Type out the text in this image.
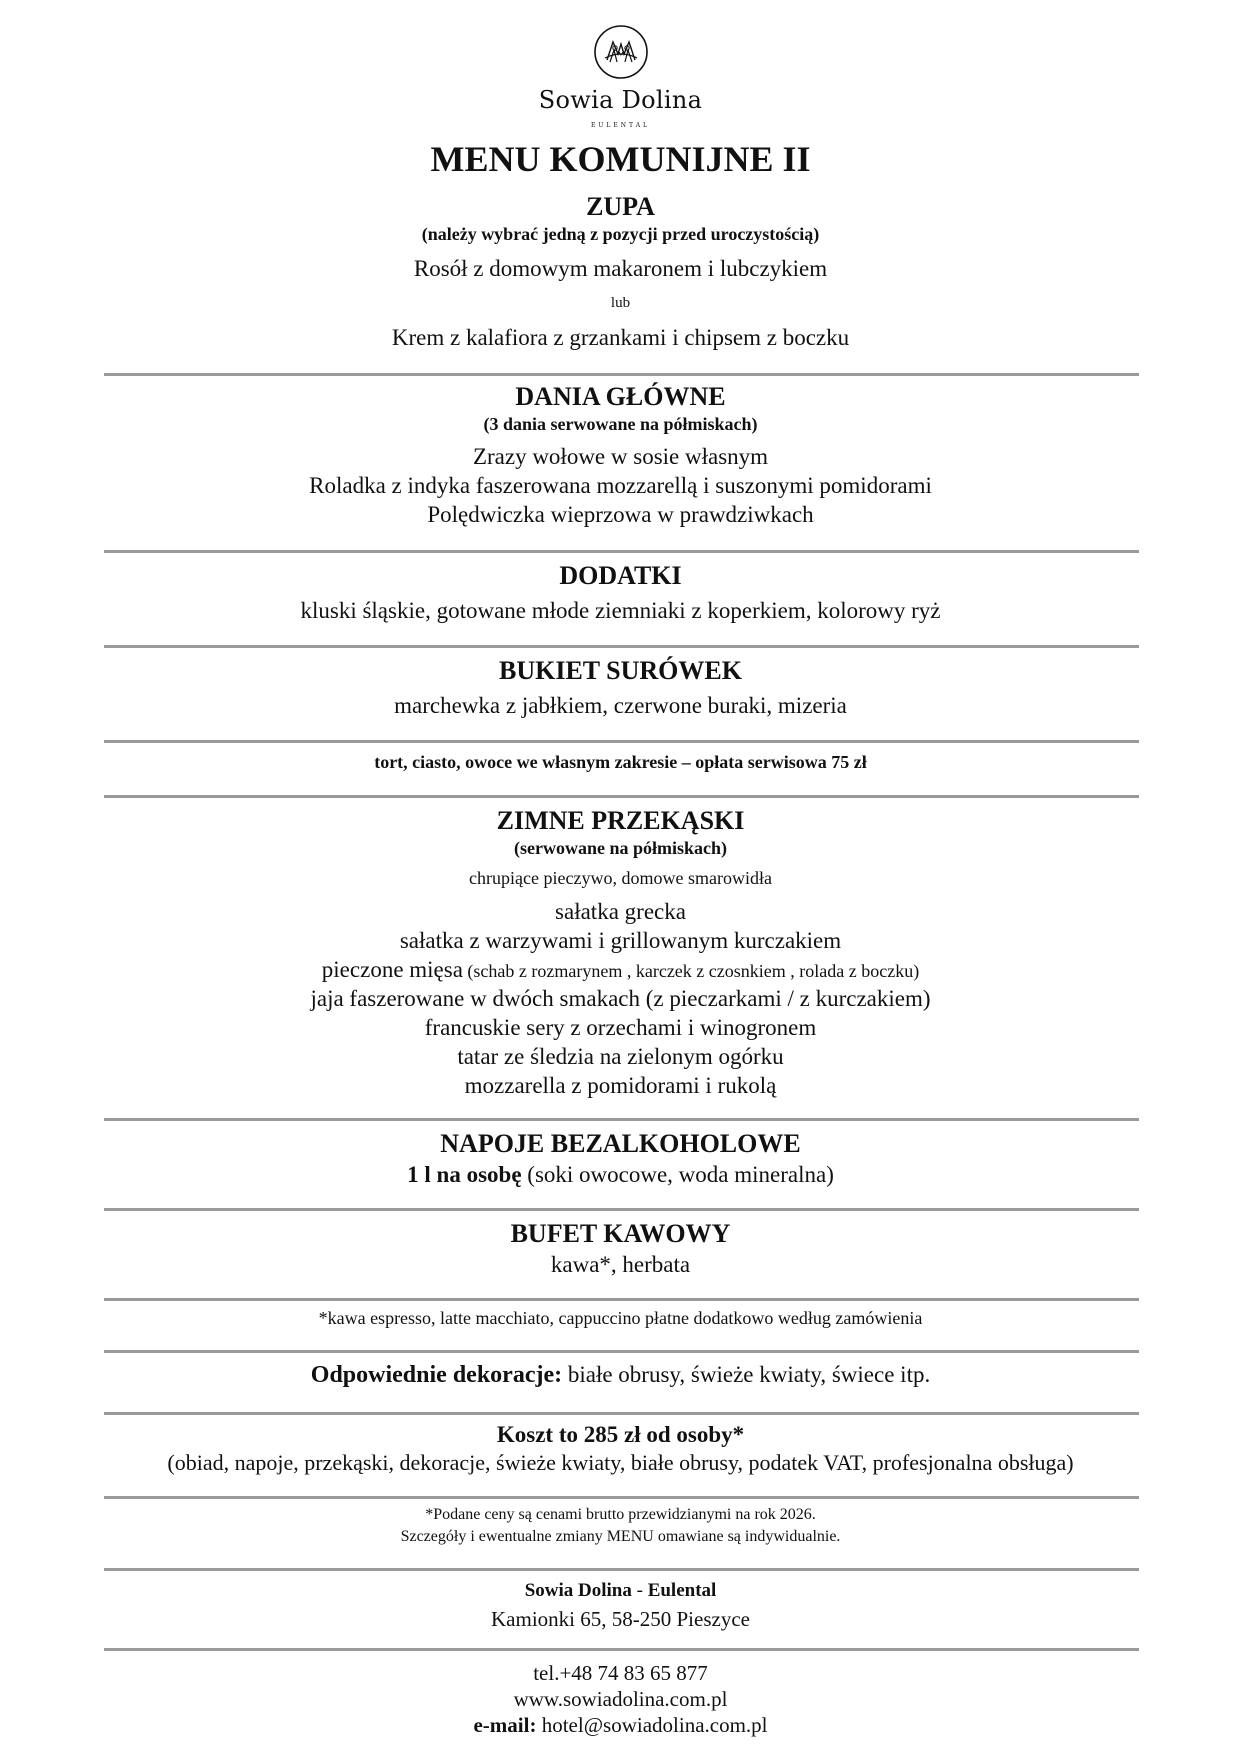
Sowia Dolina
EULENTAL
MENU KOMUNIJNE II
ZUPA
(należy wybrać jedną z pozycji przed uroczystością)
Rosół z domowym makaronem i lubczykiem
lub
Krem z kalafiora z grzankami i chipsem z boczku
DANIA GŁÓWNE
(3 dania serwowane na półmiskach)
Zrazy wołowe w sosie własnym
Roladka z indyka faszerowana mozzarellą i suszonymi pomidorami
Polędwiczka wieprzowa w prawdziwkach
DODATKI
kluski śląskie, gotowane młode ziemniaki z koperkiem, kolorowy ryż
BUKIET SURÓWEK
marchewka z jabłkiem, czerwone buraki, mizeria
tort, ciasto, owoce we własnym zakresie – opłata serwisowa 75 zł
ZIMNE PRZEKĄSKI
(serwowane na półmiskach)
chrupiące pieczywo, domowe smarowidła
sałatka grecka
sałatka z warzywami i grillowanym kurczakiem
pieczone mięsa (schab z rozmarynem , karczek z czosnkiem , rolada z boczku)
jaja faszerowane w dwóch smakach (z pieczarkami / z kurczakiem)
francuskie sery z orzechami i winogronem
tatar ze śledzia na zielonym ogórku
mozzarella z pomidorami i rukolą
NAPOJE BEZALKOHOLOWE
1 l na osobę (soki owocowe, woda mineralna)
BUFET KAWOWY
kawa*, herbata
*kawa espresso, latte macchiato, cappuccino płatne dodatkowo według zamówienia
Odpowiednie dekoracje: białe obrusy, świeże kwiaty, świece itp.
Koszt to 285 zł od osoby*
(obiad, napoje, przekąski, dekoracje, świeże kwiaty, białe obrusy, podatek VAT, profesjonalna obsługa)
*Podane ceny są cenami brutto przewidzianymi na rok 2026.
Szczegóły i ewentualne zmiany MENU omawiane są indywidualnie.
Sowia Dolina - Eulental
Kamionki 65, 58-250 Pieszyce
tel.+48 74 83 65 877
www.sowiadolina.com.pl
e-mail: hotel@sowiadolina.com.pl
